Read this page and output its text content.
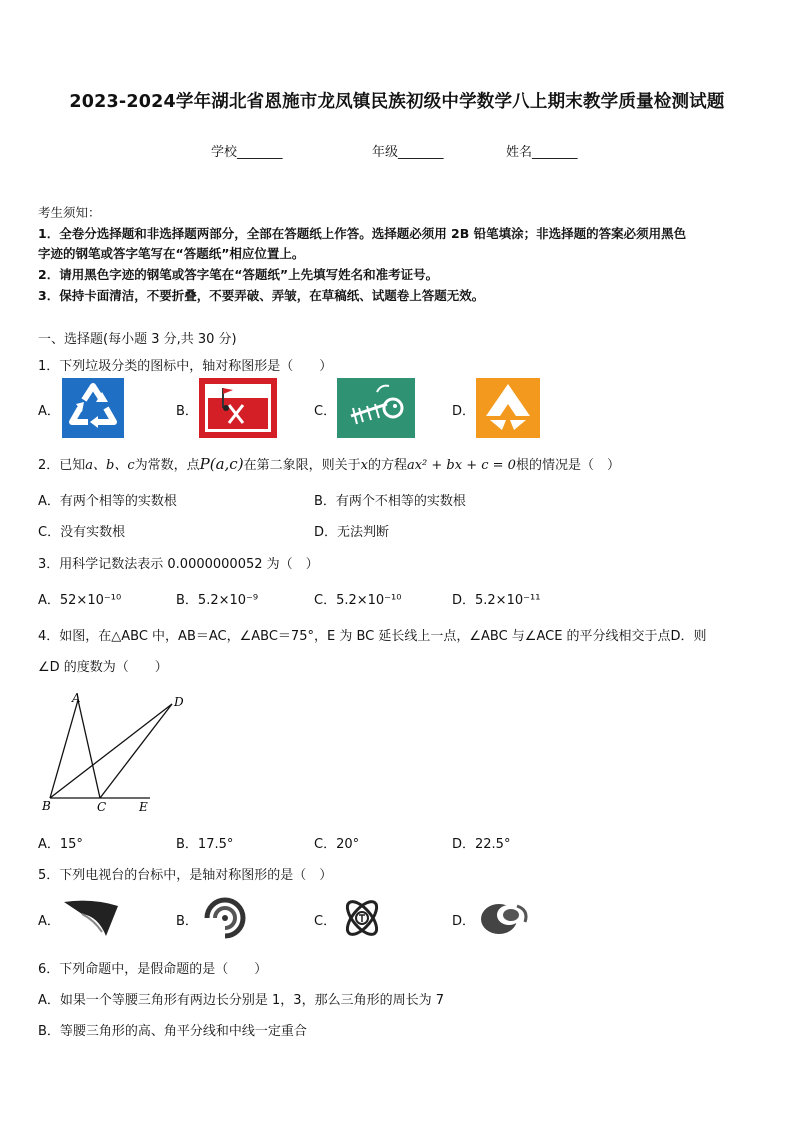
2023-2024学年湖北省恩施市龙凤镇民族初级中学数学八上期末教学质量检测试题
学校_______	年级_______	姓名_______
考生须知：
1．全卷分选择题和非选择题两部分，全部在答题纸上作答。选择题必须用 2B 铅笔填涂；非选择题的答案必须用黑色
字迹的钢笔或答字笔写在“答题纸”相应位置上。
2．请用黑色字迹的钢笔或答字笔在“答题纸”上先填写姓名和准考证号。
3．保持卡面清洁，不要折叠，不要弄破、弄皱，在草稿纸、试题卷上答题无效。
一、选择题(每小题 3 分,共 30 分)
1．下列垃圾分类的图标中，轴对称图形是（　　）
A．	B．	C．	D．
2．已知a、b、c为常数，点P(a,c)在第二象限，则关于x的方程ax² + bx + c = 0根的情况是（　）
A．有两个相等的实数根	B．有两个不相等的实数根
C．没有实数根	D．无法判断
3．用科学记数法表示 0.0000000052 为（　）
A．52×10⁻¹⁰	B．5.2×10⁻⁹	C．5.2×10⁻¹⁰	D．5.2×10⁻¹¹
4．如图，在△ABC 中，AB＝AC，∠ABC＝75°，E 为 BC 延长线上一点，∠ABC 与∠ACE 的平分线相交于点D．则
∠D 的度数为（　　）
A	D
B	C	E
A．15°	B．17.5°	C．20°	D．22.5°
5．下列电视台的台标中，是轴对称图形的是（　）
A．	B．	C．	D．
6．下列命题中，是假命题的是（　　）
A．如果一个等腰三角形有两边长分别是 1，3，那么三角形的周长为 7
B．等腰三角形的高、角平分线和中线一定重合
